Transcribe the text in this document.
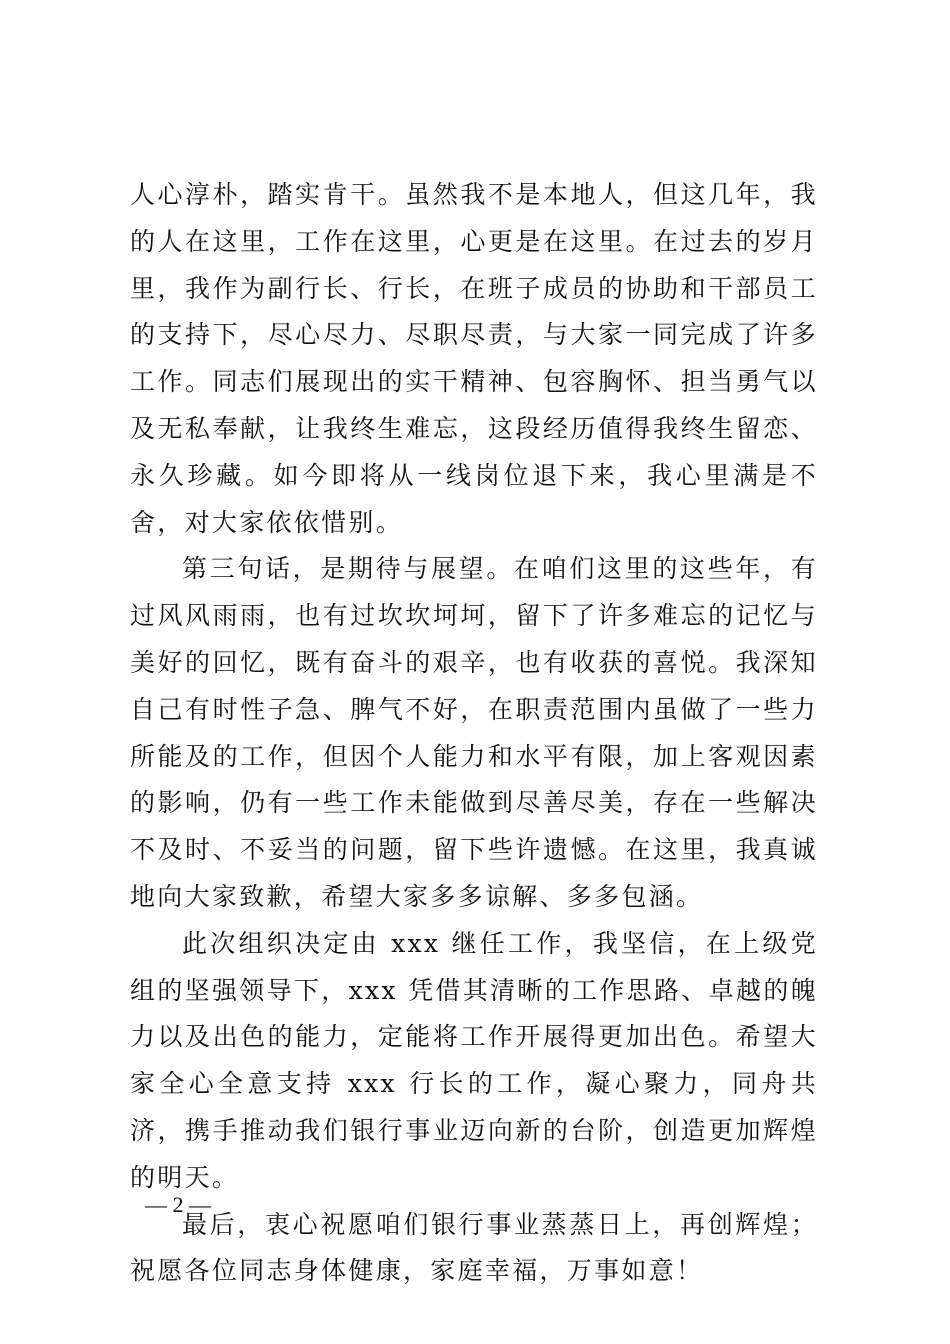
人心淳朴，踏实肯干。虽然我不是本地人，但这几年，我的人在这里，工作在这里，心更是在这里。在过去的岁月里，我作为副行长、行长，在班子成员的协助和干部员工的支持下，尽心尽力、尽职尽责，与大家一同完成了许多工作。同志们展现出的实干精神、包容胸怀、担当勇气以及无私奉献，让我终生难忘，这段经历值得我终生留恋、永久珍藏。如今即将从一线岗位退下来，我心里满是不舍，对大家依依惜别。

第三句话，是期待与展望。在咱们这里的这些年，有过风风雨雨，也有过坎坎坷坷，留下了许多难忘的记忆与美好的回忆，既有奋斗的艰辛，也有收获的喜悦。我深知自己有时性子急、脾气不好，在职责范围内虽做了一些力所能及的工作，但因个人能力和水平有限，加上客观因素的影响，仍有一些工作未能做到尽善尽美，存在一些解决不及时、不妥当的问题，留下些许遗憾。在这里，我真诚地向大家致歉，希望大家多多谅解、多多包涵。

此次组织决定由 xxx 继任工作，我坚信，在上级党组的坚强领导下，xxx 凭借其清晰的工作思路、卓越的魄力以及出色的能力，定能将工作开展得更加出色。希望大家全心全意支持 xxx 行长的工作，凝心聚力，同舟共济，携手推动我们银行事业迈向新的台阶，创造更加辉煌的明天。

最后，衷心祝愿咱们银行事业蒸蒸日上，再创辉煌；祝愿各位同志身体健康，家庭幸福，万事如意！

— 2 —
